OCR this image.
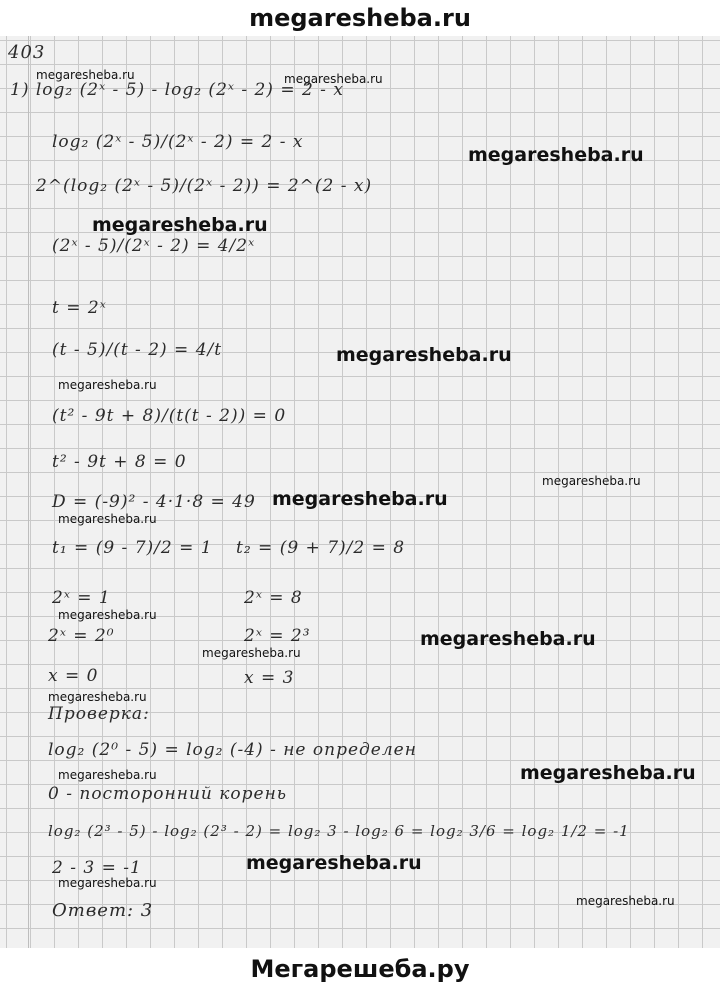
megaresheba.ru
403
1) log₂ (2ˣ - 5) - log₂ (2ˣ - 2) = 2 - x
log₂ (2ˣ - 5)/(2ˣ - 2) = 2 - x
2^(log₂ (2ˣ - 5)/(2ˣ - 2)) = 2^(2 - x)
(2ˣ - 5)/(2ˣ - 2) = 4/2ˣ
t = 2ˣ
(t - 5)/(t - 2) = 4/t
(t² - 9t + 8)/(t(t - 2)) = 0
t² - 9t + 8 = 0
D = (-9)² - 4·1·8 = 49
t₁ = (9 - 7)/2 = 1 t₂ = (9 + 7)/2 = 8
2ˣ = 1	2ˣ = 8
2ˣ = 2⁰	2ˣ = 2³
x = 0	x = 3
Проверка:
log₂ (2⁰ - 5) = log₂ (-4) - не определен
0 - посторонний корень
log₂ (2³ - 5) - log₂ (2³ - 2) = log₂ 3 - log₂ 6 = log₂ 3/6 = log₂ 1/2 = -1
2 - 3 = -1
Ответ: 3
megaresheba.ru	megaresheba.ru
megaresheba.ru
megaresheba.ru
megaresheba.ru
megaresheba.ru
megaresheba.ru
megaresheba.ru
megaresheba.ru
megaresheba.ru
megaresheba.ru
megaresheba.ru
megaresheba.ru
megaresheba.ru	megaresheba.ru
megaresheba.ru
megaresheba.ru
megaresheba.ru
Мегарешеба.ру
